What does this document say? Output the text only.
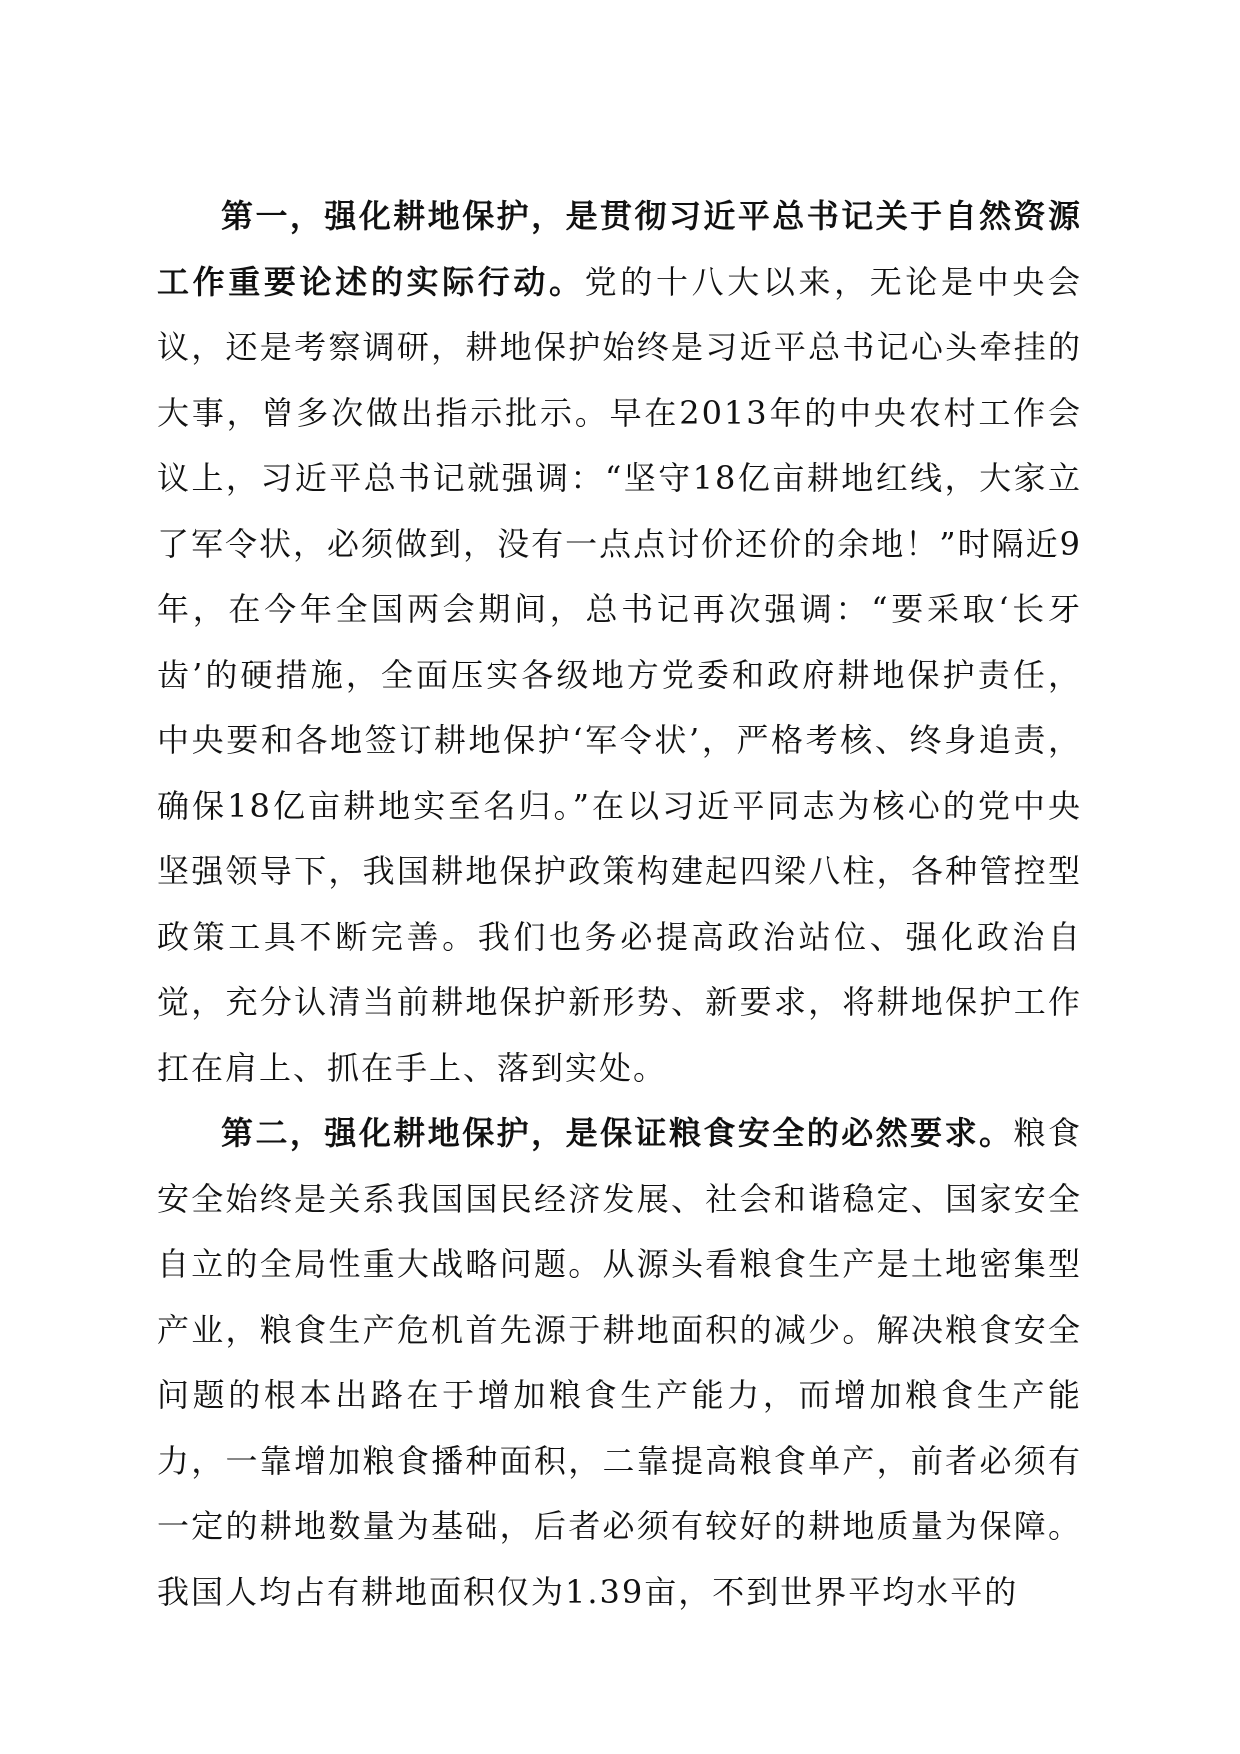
第一，强化耕地保护，是贯彻习近平总书记关于自然资源工作重要论述的实际行动。党的十八大以来，无论是中央会议，还是考察调研，耕地保护始终是习近平总书记心头牵挂的大事，曾多次做出指示批示。早在2013年的中央农村工作会议上，习近平总书记就强调：“坚守18亿亩耕地红线，大家立了军令状，必须做到，没有一点点讨价还价的余地！”时隔近9年，在今年全国两会期间，总书记再次强调：“要采取‘长牙齿’的硬措施，全面压实各级地方党委和政府耕地保护责任，中央要和各地签订耕地保护‘军令状’，严格考核、终身追责，确保18亿亩耕地实至名归。”在以习近平同志为核心的党中央坚强领导下，我国耕地保护政策构建起四梁八柱，各种管控型政策工具不断完善。我们也务必提高政治站位、强化政治自觉，充分认清当前耕地保护新形势、新要求，将耕地保护工作扛在肩上、抓在手上、落到实处。

第二，强化耕地保护，是保证粮食安全的必然要求。粮食安全始终是关系我国国民经济发展、社会和谐稳定、国家安全自立的全局性重大战略问题。从源头看粮食生产是土地密集型产业，粮食生产危机首先源于耕地面积的减少。解决粮食安全问题的根本出路在于增加粮食生产能力，而增加粮食生产能力，一靠增加粮食播种面积，二靠提高粮食单产，前者必须有一定的耕地数量为基础，后者必须有较好的耕地质量为保障。我国人均占有耕地面积仅为1.39亩，不到世界平均水平的
